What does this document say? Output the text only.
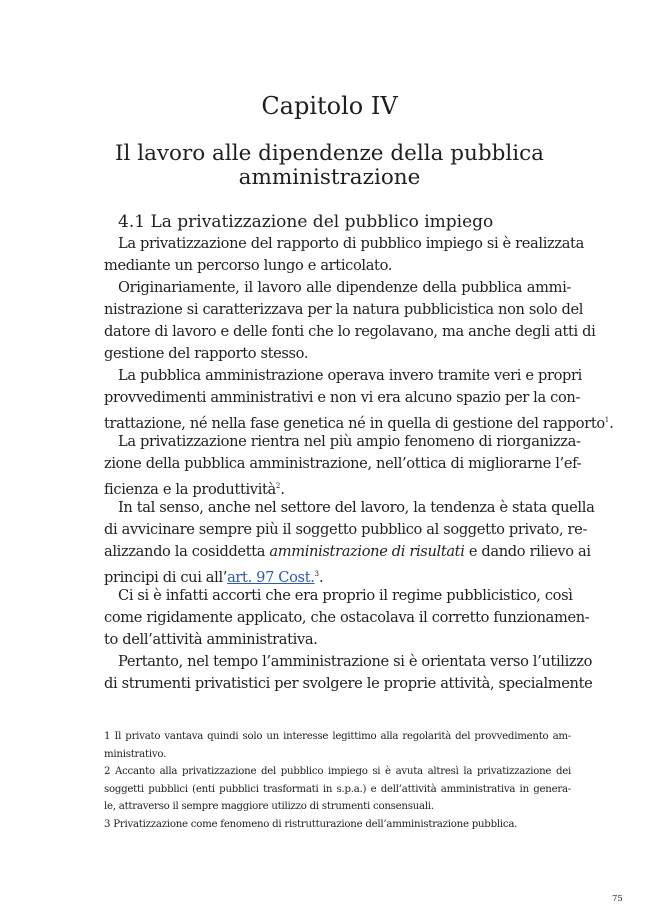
Capitolo IV
Il lavoro alle dipendenze della pubblica
amministrazione
4.1 La privatizzazione del pubblico impiego
La privatizzazione del rapporto di pubblico impiego si è realizzata
mediante un percorso lungo e articolato.
Originariamente, il lavoro alle dipendenze della pubblica ammi-
nistrazione si caratterizzava per la natura pubblicistica non solo del
datore di lavoro e delle fonti che lo regolavano, ma anche degli atti di
gestione del rapporto stesso.
La pubblica amministrazione operava invero tramite veri e propri
provvedimenti amministrativi e non vi era alcuno spazio per la con-
trattazione, né nella fase genetica né in quella di gestione del rapporto$^1$.
La privatizzazione rientra nel più ampio fenomeno di riorganizza-
zione della pubblica amministrazione, nell’ottica di migliorarne l’ef-
ficienza e la produttività$^2$.
In tal senso, anche nel settore del lavoro, la tendenza è stata quella
di avvicinare sempre più il soggetto pubblico al soggetto privato, re-
alizzando la cosiddetta amministrazione di risultati e dando rilievo ai
principi di cui all’art. 97 Cost.$^3$.
Ci si è infatti accorti che era proprio il regime pubblicistico, così
come rigidamente applicato, che ostacolava il corretto funzionamen-
to dell’attività amministrativa.
Pertanto, nel tempo l’amministrazione si è orientata verso l’utilizzo
di strumenti privatistici per svolgere le proprie attività, specialmente
1 Il privato vantava quindi solo un interesse legittimo alla regolarità del provvedimento am-
ministrativo.
2 Accanto alla privatizzazione del pubblico impiego si è avuta altresì la privatizzazione dei
soggetti pubblici (enti pubblici trasformati in s.p.a.) e dell’attività amministrativa in genera-
le, attraverso il sempre maggiore utilizzo di strumenti consensuali.
3 Privatizzazione come fenomeno di ristrutturazione dell’amministrazione pubblica.
75
